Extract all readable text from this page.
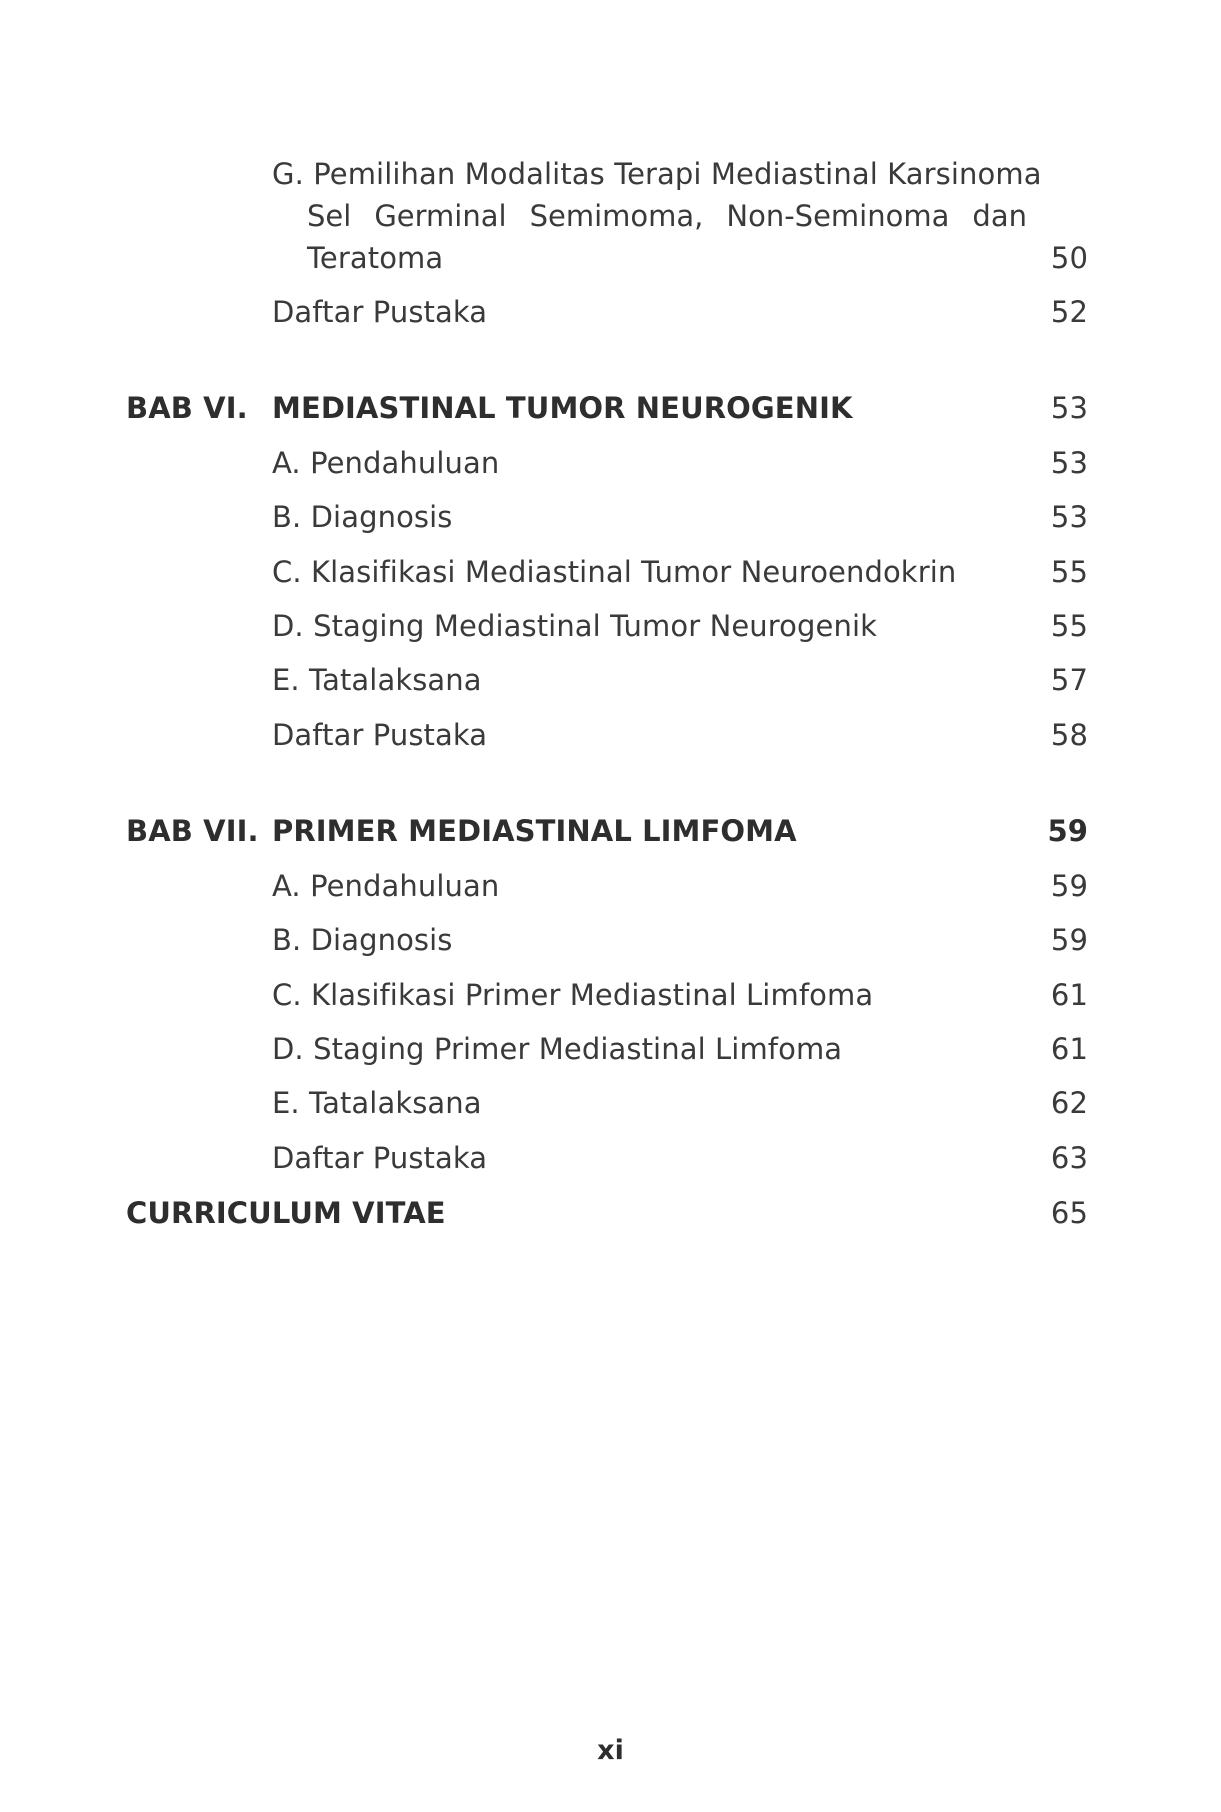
G. Pemilihan Modalitas Terapi Mediastinal Karsinoma
Sel Germinal Semimoma, Non-Seminoma dan
Teratoma	50
Daftar Pustaka	52
BAB VI. MEDIASTINAL TUMOR NEUROGENIK	53
A. Pendahuluan	53
B. Diagnosis	53
C. Klasifikasi Mediastinal Tumor Neuroendokrin	55
D. Staging Mediastinal Tumor Neurogenik	55
E. Tatalaksana	57
Daftar Pustaka	58
BAB VII. PRIMER MEDIASTINAL LIMFOMA	59
A. Pendahuluan	59
B. Diagnosis	59
C. Klasifikasi Primer Mediastinal Limfoma	61
D. Staging Primer Mediastinal Limfoma	61
E. Tatalaksana	62
Daftar Pustaka	63
CURRICULUM VITAE	65
xi
